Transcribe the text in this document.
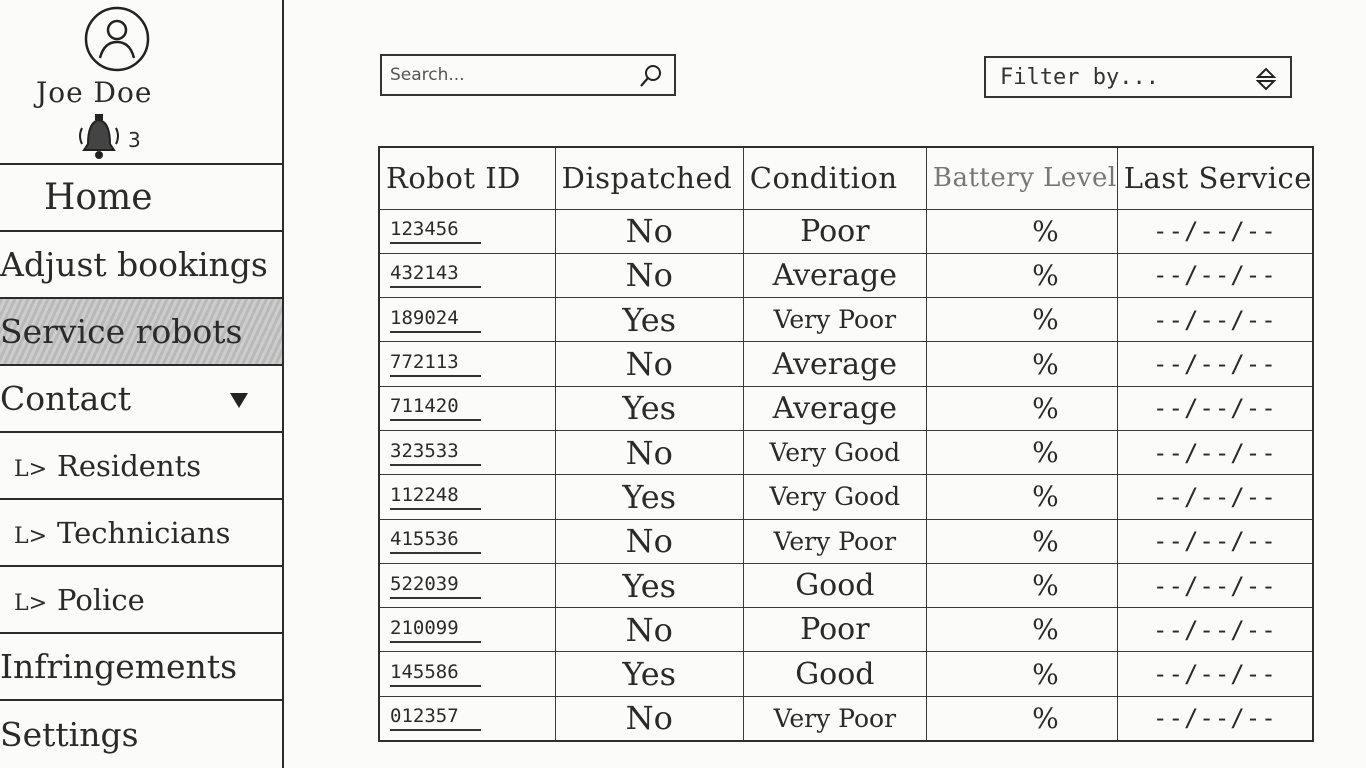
Joe Doe
3
Home
Adjust bookings
Service robots
Contact
L> Residents
L> Technicians
L> Police
Infringements
Settings
Search...
Filter by...
Robot ID	Dispatched	Condition	Battery Level	Last Service
123456	No	Poor	%	--/--/--
432143	No	Average	%	--/--/--
189024	Yes	Very Poor	%	--/--/--
772113	No	Average	%	--/--/--
711420	Yes	Average	%	--/--/--
323533	No	Very Good	%	--/--/--
112248	Yes	Very Good	%	--/--/--
415536	No	Very Poor	%	--/--/--
522039	Yes	Good	%	--/--/--
210099	No	Poor	%	--/--/--
145586	Yes	Good	%	--/--/--
012357	No	Very Poor	%	--/--/--
